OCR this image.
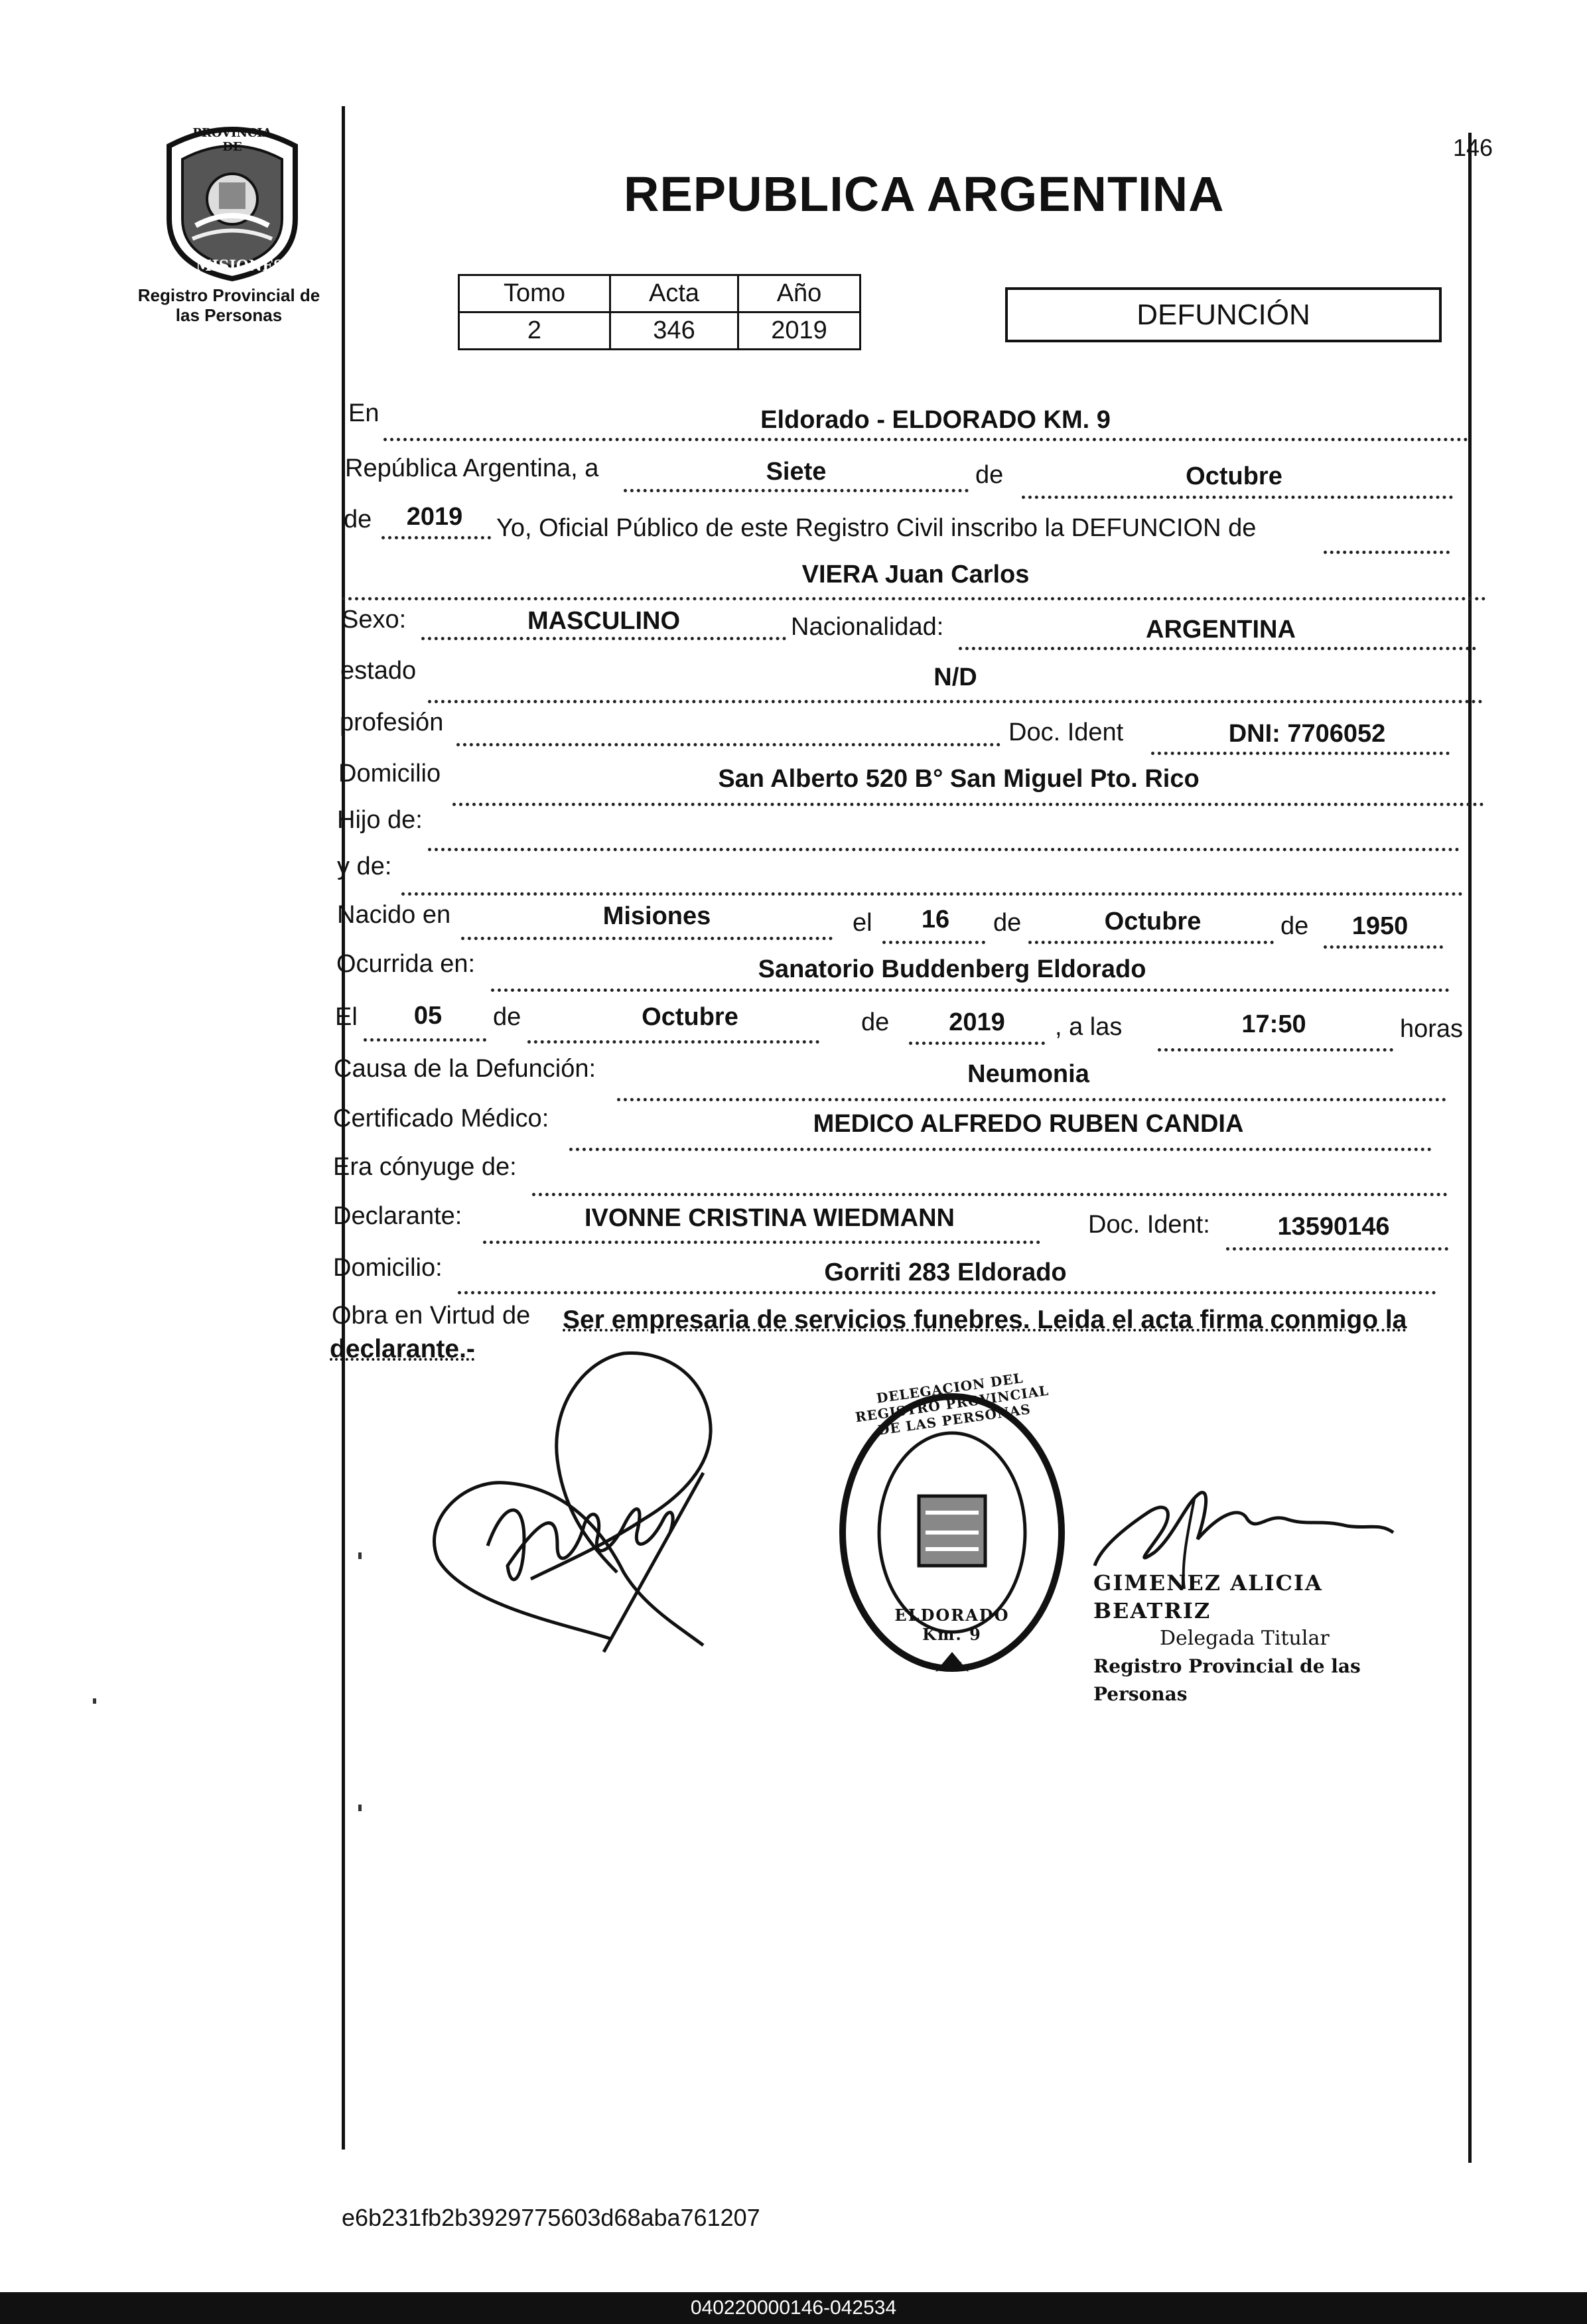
PROVINCIA DE
MISIONES
Registro Provincial de
las Personas
146
REPUBLICA ARGENTINA
Tomo	Acta	Año
2	346	2019	DEFUNCIÓN
En	Eldorado - ELDORADO KM. 9
República Argentina, a	Siete	de	Octubre
de	2019	Yo, Oficial Público de este Registro Civil inscribo la DEFUNCION de
VIERA Juan Carlos
Sexo:	MASCULINO	Nacionalidad:	ARGENTINA
estado	N/D
profesión	Doc. Ident	DNI: 7706052
Domicilio	San Alberto 520 B° San Miguel Pto. Rico
Hijo de:
y de:
Nacido en	Misiones	el	16	de	Octubre	de	1950
Ocurrida en:	Sanatorio Buddenberg Eldorado
El	05	de	Octubre	de	2019	, a las	17:50	horas
Causa de la Defunción:	Neumonia
Certificado Médico:	MEDICO ALFREDO RUBEN CANDIA
Era cónyuge de:
Declarante:	IVONNE CRISTINA WIEDMANN	Doc. Ident:	13590146
Domicilio:	Gorriti 283 Eldorado
Obra en Virtud de Ser empresaria de servicios funebres. Leida el acta firma conmigo la
declarante.-
DELEGACION DEL REGISTRO PROVINCIAL DE LAS PERSONAS
ELDORADO Km. 9
GIMENEZ ALICIA BEATRIZ
Delegada Titular
Registro Provincial de las Personas
e6b231fb2b3929775603d68aba761207
040220000146-042534
